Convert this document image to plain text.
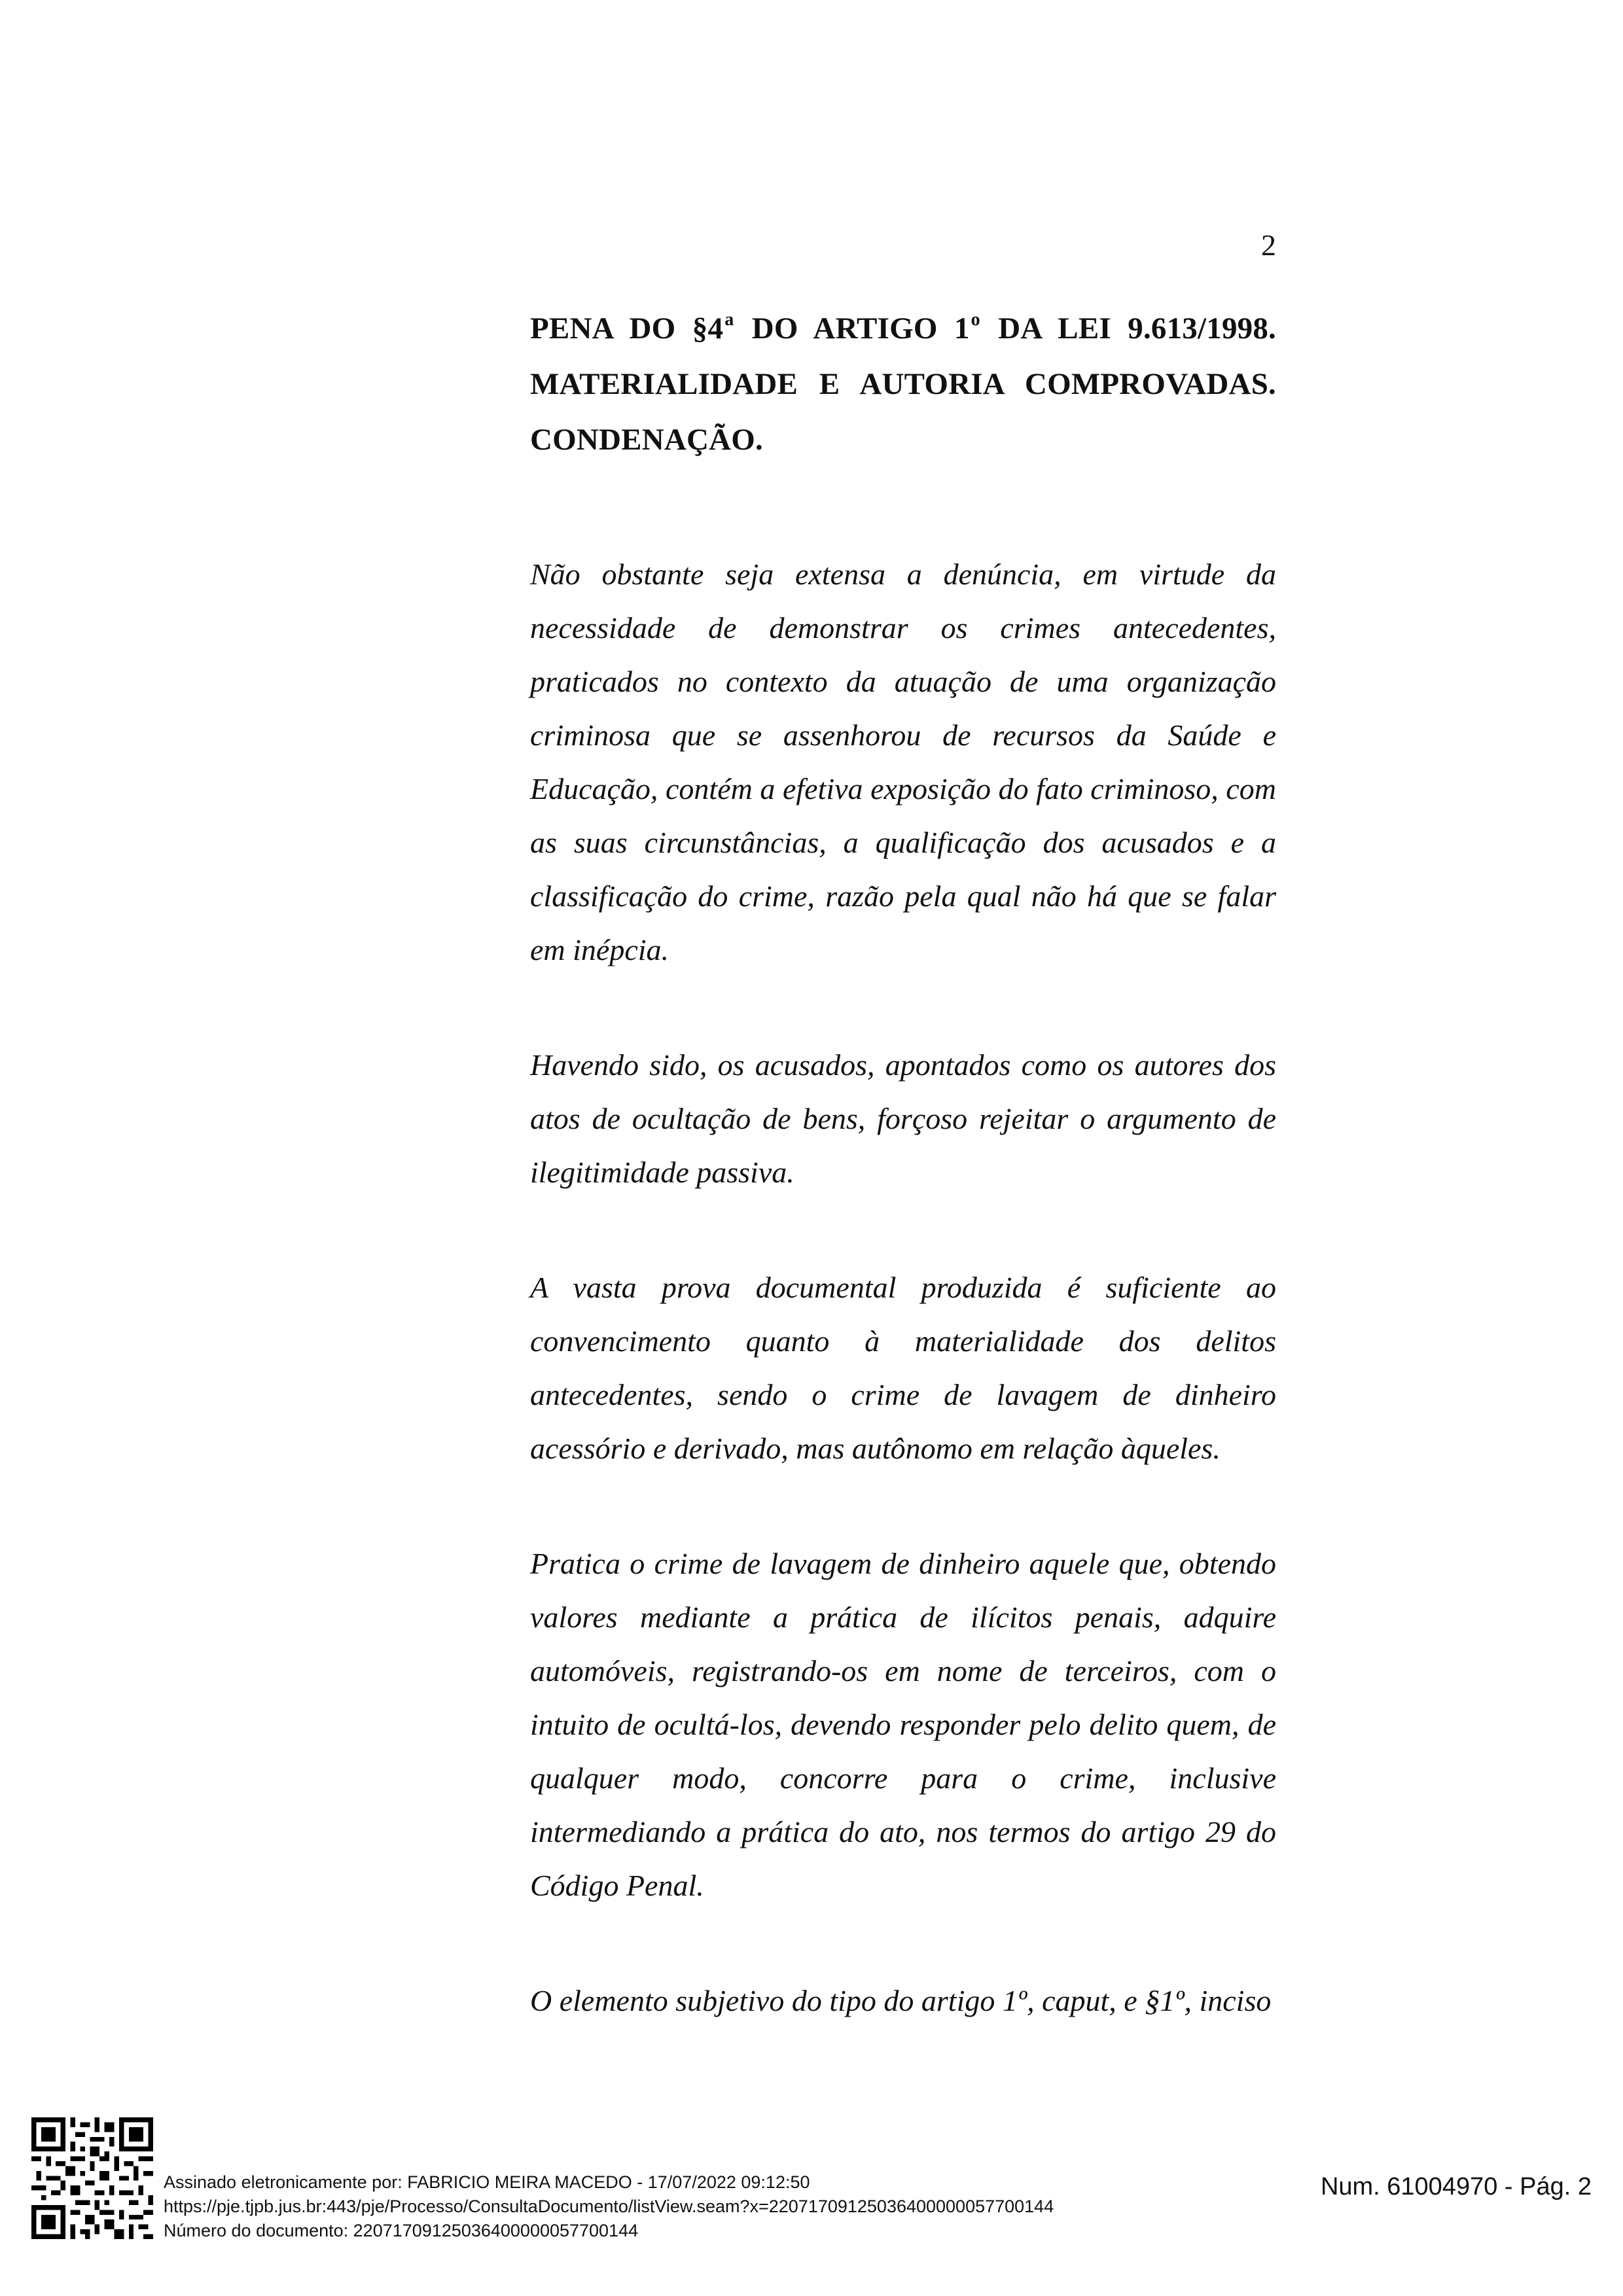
2

PENA DO §4$^a$ DO ARTIGO 1$^o$ DA LEI 9.613/1998.

MATERIALIDADE E AUTORIA COMPROVADAS.

CONDENAÇÃO.

Não obstante seja extensa a denúncia, em virtude da necessidade de demonstrar os crimes antecedentes, praticados no contexto da atuação de uma organização criminosa que se assenhorou de recursos da Saúde e Educação, contém a efetiva exposição do fato criminoso, com as suas circunstâncias, a qualificação dos acusados e a classificação do crime, razão pela qual não há que se falar em inépcia.

Havendo sido, os acusados, apontados como os autores dos atos de ocultação de bens, forçoso rejeitar o argumento de ilegitimidade passiva.

A vasta prova documental produzida é suficiente ao convencimento quanto à materialidade dos delitos antecedentes, sendo o crime de lavagem de dinheiro acessório e derivado, mas autônomo em relação àqueles.

Pratica o crime de lavagem de dinheiro aquele que, obtendo valores mediante a prática de ilícitos penais, adquire automóveis, registrando-os em nome de terceiros, com o intuito de ocultá-los, devendo responder pelo delito quem, de qualquer modo, concorre para o crime, inclusive intermediando a prática do ato, nos termos do artigo 29 do Código Penal.

O elemento subjetivo do tipo do artigo 1º, caput, e §1º, inciso

Assinado eletronicamente por: FABRICIO MEIRA MACEDO - 17/07/2022 09:12:50
https://pje.tjpb.jus.br:443/pje/Processo/ConsultaDocumento/listView.seam?x=22071709125036400000057700144
Número do documento: 22071709125036400000057700144
Num. 61004970 - Pág. 2
